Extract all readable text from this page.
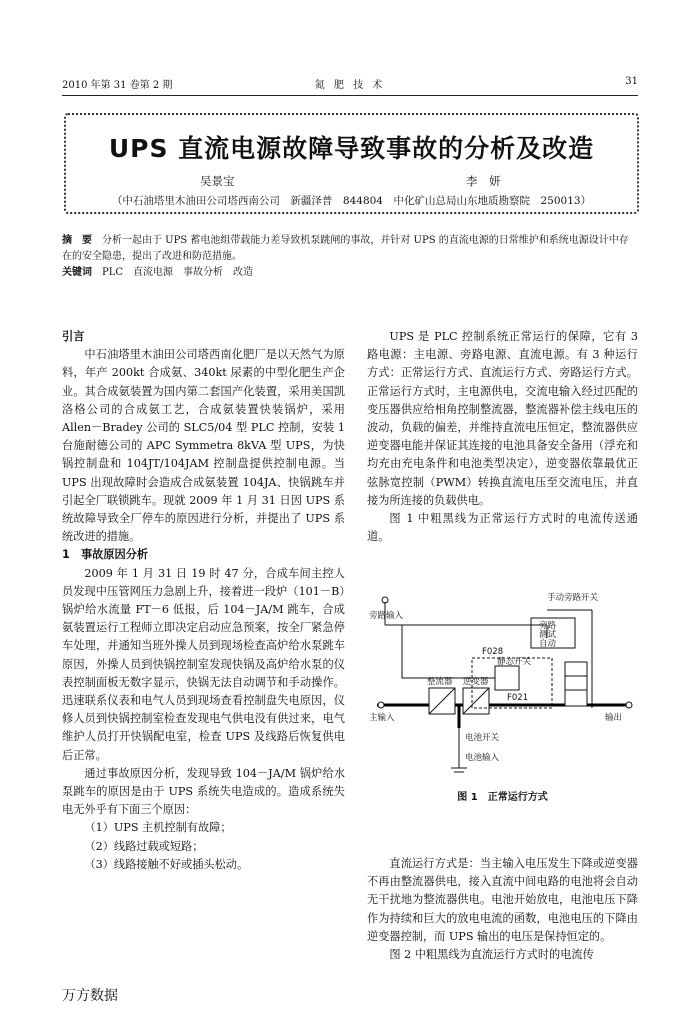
2010 年第 31 卷第 2 期	氮 肥 技 术	31
UPS 直流电源故障导致事故的分析及改造
吴景宝	李　妍
（中石油塔里木油田公司塔西南公司　新疆泽普　844804　中化矿山总局山东地质勘察院　250013）
摘　要　 分析一起由于 UPS 蓄电池组带载能力差导致机泵跳闸的事故，并针对 UPS 的直流电源的日常维护和系统电源设计中存在的安全隐患，提出了改进和防范措施。
关键词　 PLC　直流电源　事故分析　改造

引言

中石油塔里木油田公司塔西南化肥厂是以天然气为原料，年产 200kt 合成氨、340kt 尿素的中型化肥生产企业。其合成氨装置为国内第二套国产化装置，采用美国凯洛格公司的合成氨工艺，合成氨装置快装锅炉，采用 Allen－Bradey 公司的 SLC5/04 型 PLC 控制，安装 1 台施耐德公司的 APC Symmetra 8kVA 型 UPS，为快锅控制盘和 104JT/104JAM 控制盘提供控制电源。当 UPS 出现故障时会造成合成氨装置 104JA、快锅跳车并引起全厂联锁跳车。现就 2009 年 1 月 31 日因 UPS 系统故障导致全厂停车的原因进行分析，并提出了 UPS 系统改进的措施。

1　事故原因分析

2009 年 1 月 31 日 19 时 47 分，合成车间主控人员发现中压管网压力急剧上升，接着进一段炉（101－B）锅炉给水流量 FT－6 低报，后 104－JA/M 跳车，合成氨装置运行工程师立即决定启动应急预案，按全厂紧急停车处理，并通知当班外操人员到现场检查高炉给水泵跳车原因，外操人员到快锅控制室发现快锅及高炉给水泵的仪表控制面板无数字显示，快锅无法自动调节和手动操作。迅速联系仪表和电气人员到现场查看控制盘失电原因，仪修人员到快锅控制室检查发现电气供电没有供过来，电气维护人员打开快锅配电室，检查 UPS 及线路后恢复供电后正常。

通过事故原因分析，发现导致 104－JA/M 锅炉给水泵跳车的原因是由于 UPS 系统失电造成的。造成系统失电无外乎有下面三个原因：

（1）UPS 主机控制有故障；

（2）线路过载或短路；

（3）线路接触不好或插头松动。

UPS 是 PLC 控制系统正常运行的保障，它有 3 路电源：主电源、旁路电源、直流电源。有 3 种运行方式：正常运行方式、直流运行方式、旁路运行方式。正常运行方式时，主电源供电，交流电输入经过匹配的变压器供应给相角控制整流器，整流器补偿主线电压的波动，负载的偏差，并维持直流电压恒定，整流器供应逆变器电能并保证其连接的电池具备安全备用（浮充和均充由充电条件和电池类型决定），逆变器依靠最优正弦脉宽控制（PWM）转换直流电压至交流电压，并直接为所连接的负载供电。

图 1 中粗黑线为正常运行方式时的电流传送通道。

手动旁路开关
旁路输入
旁路
测试
自动
F028
静态开关
整流器 逆变器
F021
主输入	输出
电池开关
电池输入
图 1　正常运行方式

直流运行方式是：当主输入电压发生下降或逆变器不再由整流器供电，接入直流中间电路的电池将会自动无干扰地为整流器供电。电池开始放电，电池电压下降作为持续和巨大的放电电流的函数，电池电压的下降由逆变器控制，而 UPS 输出的电压是保持恒定的。

图 2 中粗黑线为直流运行方式时的电流传

万方数据
